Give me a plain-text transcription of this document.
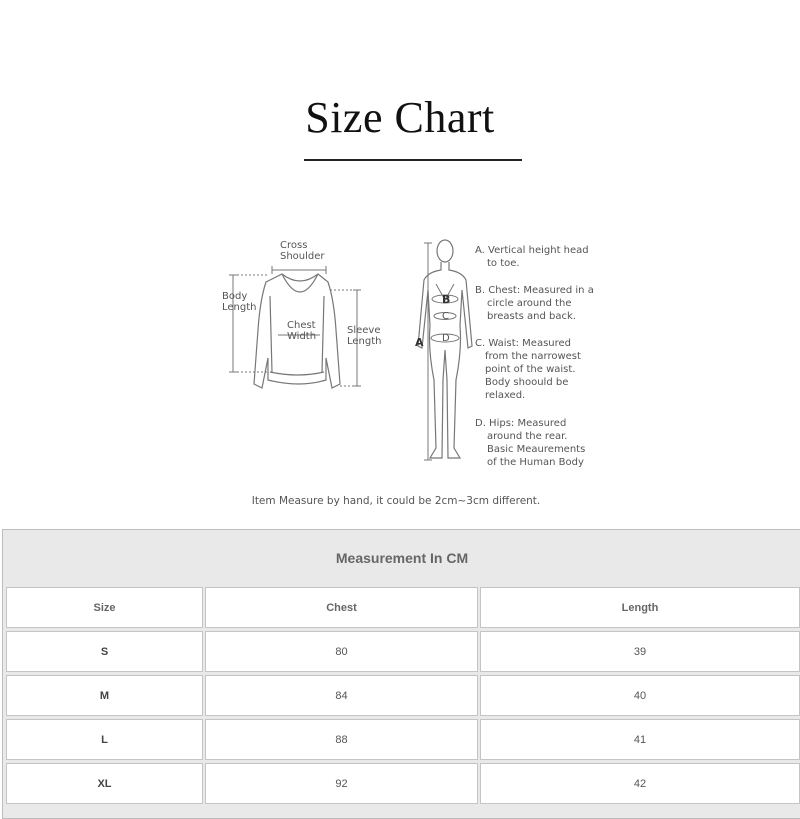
Size Chart
Cross
Shoulder
Body
Length
Chest
Width
Sleeve
Length	A
B
C
D
A. Vertical height head
to toe.
B. Chest: Measured in a
circle around the
breasts and back.
C. Waist: Measured
from the narrowest
point of the waist.
Body shoould be
relaxed.
D. Hips: Measured
around the rear.
Basic Meaurements
of the Human Body
Item Measure by hand, it could be 2cm~3cm different.
Measurement In CM
Size	Chest	Length
S	80	39
M	84	40
L	88	41
XL	92	42
